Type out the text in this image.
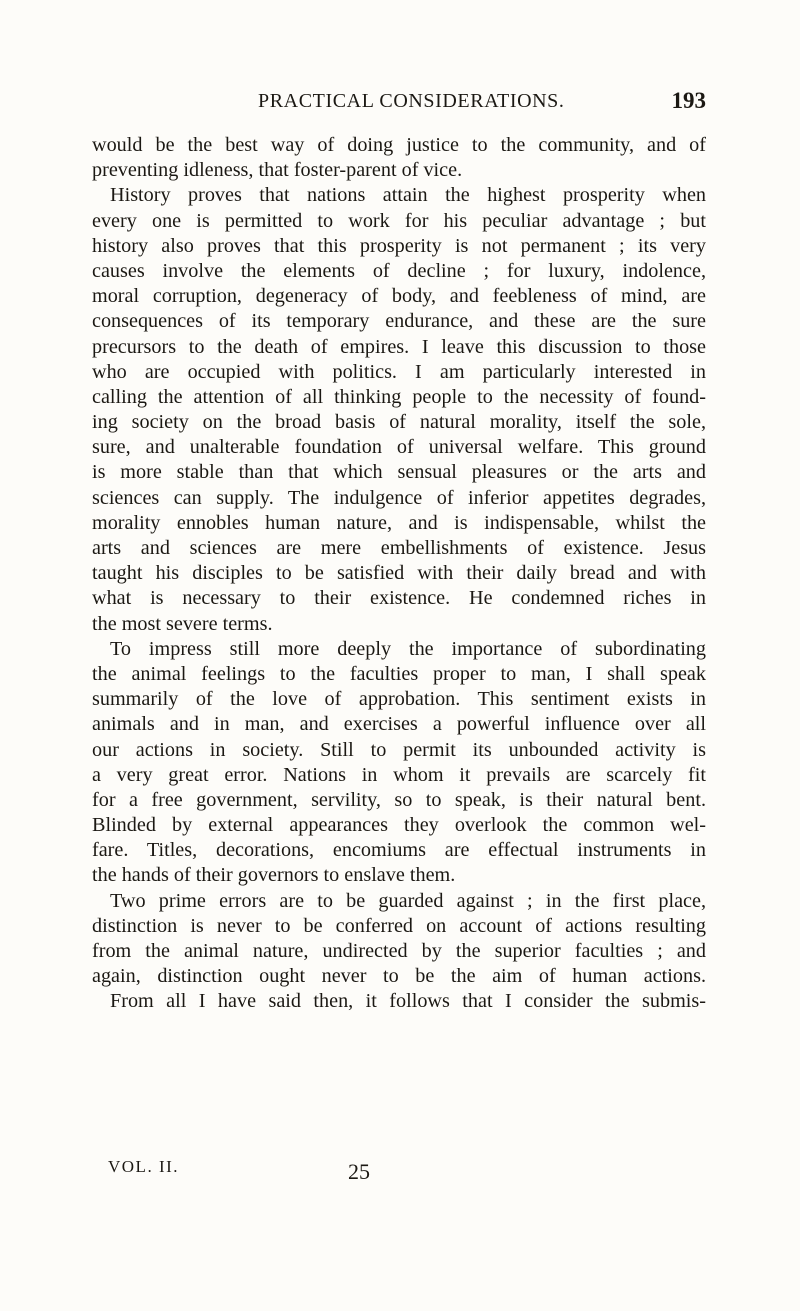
PRACTICAL CONSIDERATIONS.	193
would be the best way of doing justice to the community, and of
preventing idleness, that foster-parent of vice.
History proves that nations attain the highest prosperity when
every one is permitted to work for his peculiar advantage ; but
history also proves that this prosperity is not permanent ; its very
causes involve the elements of decline ; for luxury, indolence,
moral corruption, degeneracy of body, and feebleness of mind, are
consequences of its temporary endurance, and these are the sure
precursors to the death of empires. I leave this discussion to those
who are occupied with politics. I am particularly interested in
calling the attention of all thinking people to the necessity of found-
ing society on the broad basis of natural morality, itself the sole,
sure, and unalterable foundation of universal welfare. This ground
is more stable than that which sensual pleasures or the arts and
sciences can supply. The indulgence of inferior appetites degrades,
morality ennobles human nature, and is indispensable, whilst the
arts and sciences are mere embellishments of existence. Jesus
taught his disciples to be satisfied with their daily bread and with
what is necessary to their existence. He condemned riches in
the most severe terms.
To impress still more deeply the importance of subordinating
the animal feelings to the faculties proper to man, I shall speak
summarily of the love of approbation. This sentiment exists in
animals and in man, and exercises a powerful influence over all
our actions in society. Still to permit its unbounded activity is
a very great error. Nations in whom it prevails are scarcely fit
for a free government, servility, so to speak, is their natural bent.
Blinded by external appearances they overlook the common wel-
fare. Titles, decorations, encomiums are effectual instruments in
the hands of their governors to enslave them.
Two prime errors are to be guarded against ; in the first place,
distinction is never to be conferred on account of actions resulting
from the animal nature, undirected by the superior faculties ; and
again, distinction ought never to be the aim of human actions.
From all I have said then, it follows that I consider the submis-
VOL. II.	25
